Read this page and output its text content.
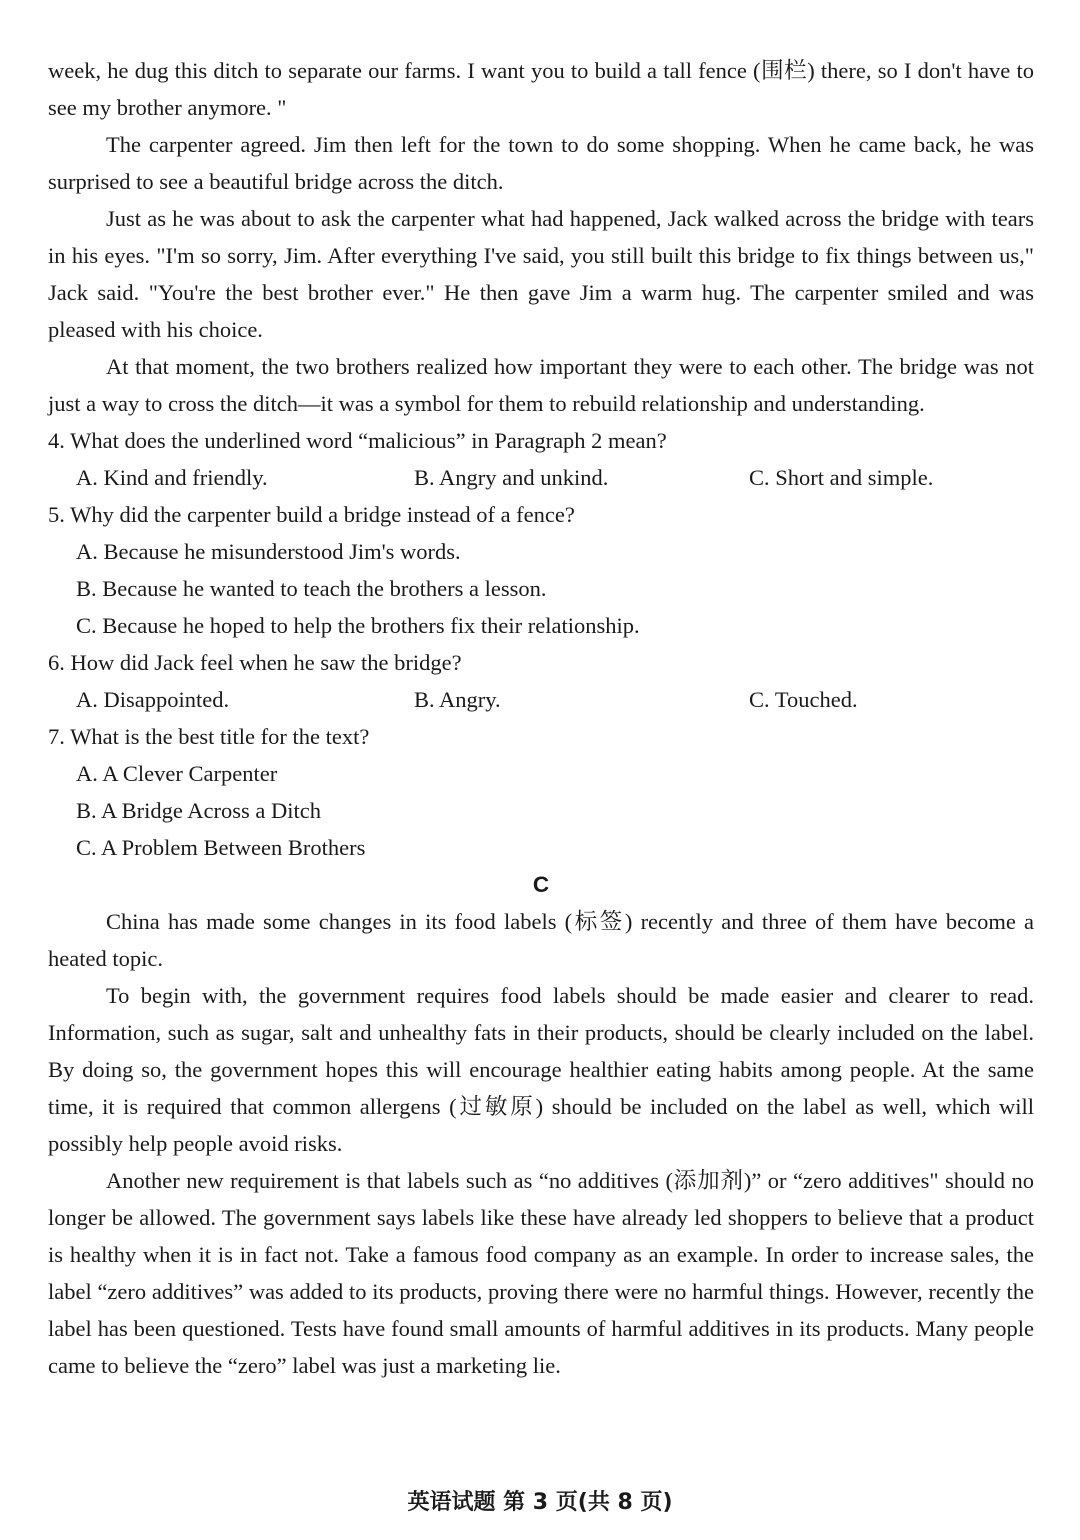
week, he dug this ditch to separate our farms. I want you to build a tall fence (围栏) there, so I don't have to see my brother anymore. "

The carpenter agreed. Jim then left for the town to do some shopping. When he came back, he was surprised to see a beautiful bridge across the ditch.

Just as he was about to ask the carpenter what had happened, Jack walked across the bridge with tears in his eyes. "I'm so sorry, Jim. After everything I've said, you still built this bridge to fix things between us," Jack said. "You're the best brother ever." He then gave Jim a warm hug. The carpenter smiled and was pleased with his choice.

At that moment, the two brothers realized how important they were to each other. The bridge was not just a way to cross the ditch—it was a symbol for them to rebuild relationship and understanding.

4. What does the underlined word “malicious” in Paragraph 2 mean?

A. Kind and friendly.	B. Angry and unkind.	C. Short and simple.

5. Why did the carpenter build a bridge instead of a fence?

A. Because he misunderstood Jim's words.

B. Because he wanted to teach the brothers a lesson.

C. Because he hoped to help the brothers fix their relationship.

6. How did Jack feel when he saw the bridge?

A. Disappointed.	B. Angry.	C. Touched.

7. What is the best title for the text?

A. A Clever Carpenter

B. A Bridge Across a Ditch

C. A Problem Between Brothers

C

China has made some changes in its food labels (标签) recently and three of them have become a heated topic.

To begin with, the government requires food labels should be made easier and clearer to read. Information, such as sugar, salt and unhealthy fats in their products, should be clearly included on the label. By doing so, the government hopes this will encourage healthier eating habits among people. At the same time, it is required that common allergens (过敏原) should be included on the label as well, which will possibly help people avoid risks.

Another new requirement is that labels such as “no additives (添加剂)” or “zero additives" should no longer be allowed. The government says labels like these have already led shoppers to believe that a product is healthy when it is in fact not. Take a famous food company as an example. In order to increase sales, the label “zero additives” was added to its products, proving there were no harmful things. However, recently the label has been questioned. Tests have found small amounts of harmful additives in its products. Many people came to believe the “zero” label was just a marketing lie.

英语试题 第 3 页(共 8 页)
